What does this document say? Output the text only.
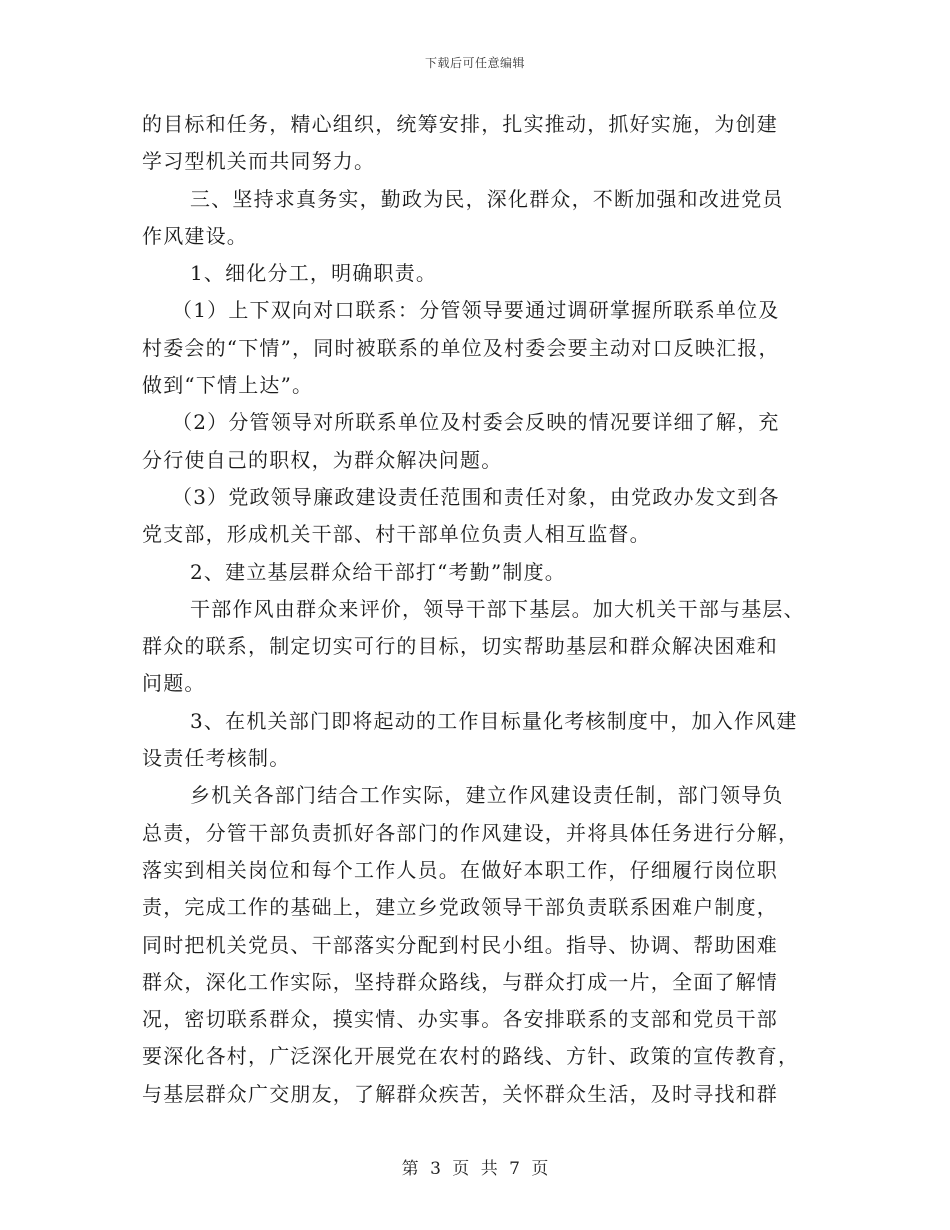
下载后可任意编辑
的目标和任务，精心组织，统筹安排，扎实推动，抓好实施，为创建
学习型机关而共同努力。
三、坚持求真务实，勤政为民，深化群众，不断加强和改进党员
作风建设。
1、细化分工，明确职责。
（1）上下双向对口联系：分管领导要通过调研掌握所联系单位及
村委会的“下情”，同时被联系的单位及村委会要主动对口反映汇报，
做到“下情上达”。
（2）分管领导对所联系单位及村委会反映的情况要详细了解，充
分行使自己的职权，为群众解决问题。
（3）党政领导廉政建设责任范围和责任对象，由党政办发文到各
党支部，形成机关干部、村干部单位负责人相互监督。
2、建立基层群众给干部打“考勤”制度。
干部作风由群众来评价，领导干部下基层。加大机关干部与基层、
群众的联系，制定切实可行的目标，切实帮助基层和群众解决困难和
问题。
3、在机关部门即将起动的工作目标量化考核制度中，加入作风建
设责任考核制。
乡机关各部门结合工作实际，建立作风建设责任制，部门领导负
总责，分管干部负责抓好各部门的作风建设，并将具体任务进行分解，
落实到相关岗位和每个工作人员。在做好本职工作，仔细履行岗位职
责，完成工作的基础上，建立乡党政领导干部负责联系困难户制度，
同时把机关党员、干部落实分配到村民小组。指导、协调、帮助困难
群众，深化工作实际，坚持群众路线，与群众打成一片，全面了解情
况，密切联系群众，摸实情、办实事。各安排联系的支部和党员干部
要深化各村，广泛深化开展党在农村的路线、方针、政策的宣传教育，
与基层群众广交朋友，了解群众疾苦，关怀群众生活，及时寻找和群
第 3 页 共 7 页
